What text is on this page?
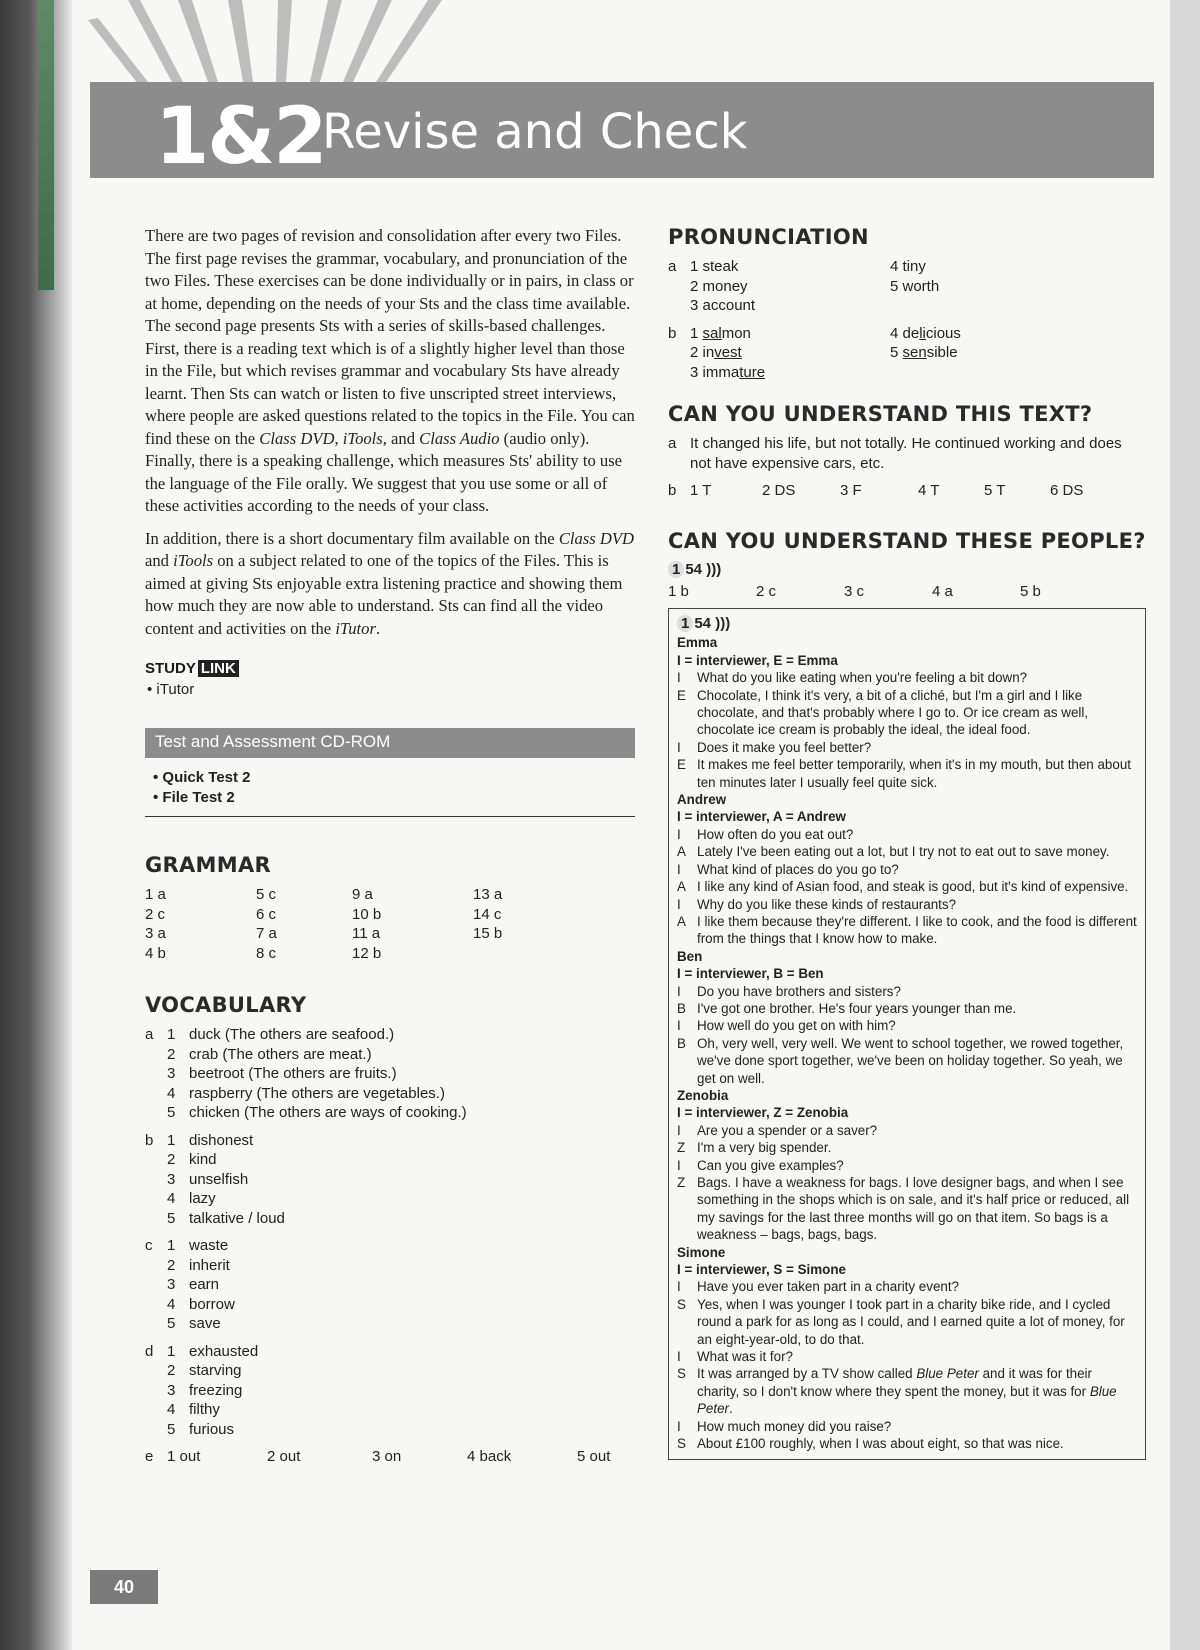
1&2
Revise and Check

There are two pages of revision and consolidation after every two Files. The first page revises the grammar, vocabulary, and pronunciation of the two Files. These exercises can be done individually or in pairs, in class or at home, depending on the needs of your Sts and the class time available. The second page presents Sts with a series of skills-based challenges. First, there is a reading text which is of a slightly higher level than those in the File, but which revises grammar and vocabulary Sts have already learnt. Then Sts can watch or listen to five unscripted street interviews, where people are asked questions related to the topics in the File. You can find these on the Class DVD, iTools, and Class Audio (audio only). Finally, there is a speaking challenge, which measures Sts' ability to use the language of the File orally. We suggest that you use some or all of these activities according to the needs of your class.

In addition, there is a short documentary film available on the Class DVD and iTools on a subject related to one of the topics of the Files. This is aimed at giving Sts enjoyable extra listening practice and showing them how much they are now able to understand. Sts can find all the video content and activities on the iTutor.

STUDY LINK
• iTutor
Test and Assessment CD-ROM
• Quick Test 2
• File Test 2
GRAMMAR
1 a	5 c	9 a	13 a
2 c	6 c	10 b	14 c
3 a	7 a	11 a	15 b
4 b	8 c	12 b	
VOCABULARY
a 1 duck (The others are seafood.)
2 crab (The others are meat.)
3 beetroot (The others are fruits.)
4 raspberry (The others are vegetables.)
5 chicken (The others are ways of cooking.)
b 1 dishonest
2 kind
3 unselfish
4 lazy
5 talkative / loud
c 1 waste
2 inherit
3 earn
4 borrow
5 save
d 1 exhausted
2 starving
3 freezing
4 filthy
5 furious
e 1 out	2 out	3 on	4 back	5 out
PRONUNCIATION
a 1 steak
2 money
3 account
4 tiny
5 worth
b 1 salmon
2 invest
3 immature
4 delicious
5 sensible
CAN YOU UNDERSTAND THIS TEXT?
a It changed his life, but not totally. He continued working and does not have expensive cars, etc.
b 1 T	2 DS	3 F	4 T	5 T	6 DS
CAN YOU UNDERSTAND THESE PEOPLE?
1 54 )))
1 b	2 c	3 c	4 a	5 b
1 54 )))
Emma
I = interviewer, E = Emma
I	What do you like eating when you're feeling a bit down?
E Chocolate, I think it's very, a bit of a cliché, but I'm a girl and I like chocolate, and that's probably where I go to. Or ice cream as well, chocolate ice cream is probably the ideal, the ideal food.
I	Does it make you feel better?
E It makes me feel better temporarily, when it's in my mouth, but then about ten minutes later I usually feel quite sick.
Andrew
I = interviewer, A = Andrew
I	How often do you eat out?
A Lately I've been eating out a lot, but I try not to eat out to save money.
I	What kind of places do you go to?
A I like any kind of Asian food, and steak is good, but it's kind of expensive.
I	Why do you like these kinds of restaurants?
A I like them because they're different. I like to cook, and the food is different from the things that I know how to make.
Ben
I = interviewer, B = Ben
I	Do you have brothers and sisters?
B I've got one brother. He's four years younger than me.
I	How well do you get on with him?
B Oh, very well, very well. We went to school together, we rowed together, we've done sport together, we've been on holiday together. So yeah, we get on well.
Zenobia
I = interviewer, Z = Zenobia
I	Are you a spender or a saver?
Z I'm a very big spender.
I	Can you give examples?
Z Bags. I have a weakness for bags. I love designer bags, and when I see something in the shops which is on sale, and it's half price or reduced, all my savings for the last three months will go on that item. So bags is a weakness – bags, bags, bags.
Simone
I = interviewer, S = Simone
I	Have you ever taken part in a charity event?
S Yes, when I was younger I took part in a charity bike ride, and I cycled round a park for as long as I could, and I earned quite a lot of money, for an eight-year-old, to do that.
I	What was it for?
S It was arranged by a TV show called Blue Peter and it was for their charity, so I don't know where they spent the money, but it was for Blue Peter.
I	How much money did you raise?
S About £100 roughly, when I was about eight, so that was nice.
40
